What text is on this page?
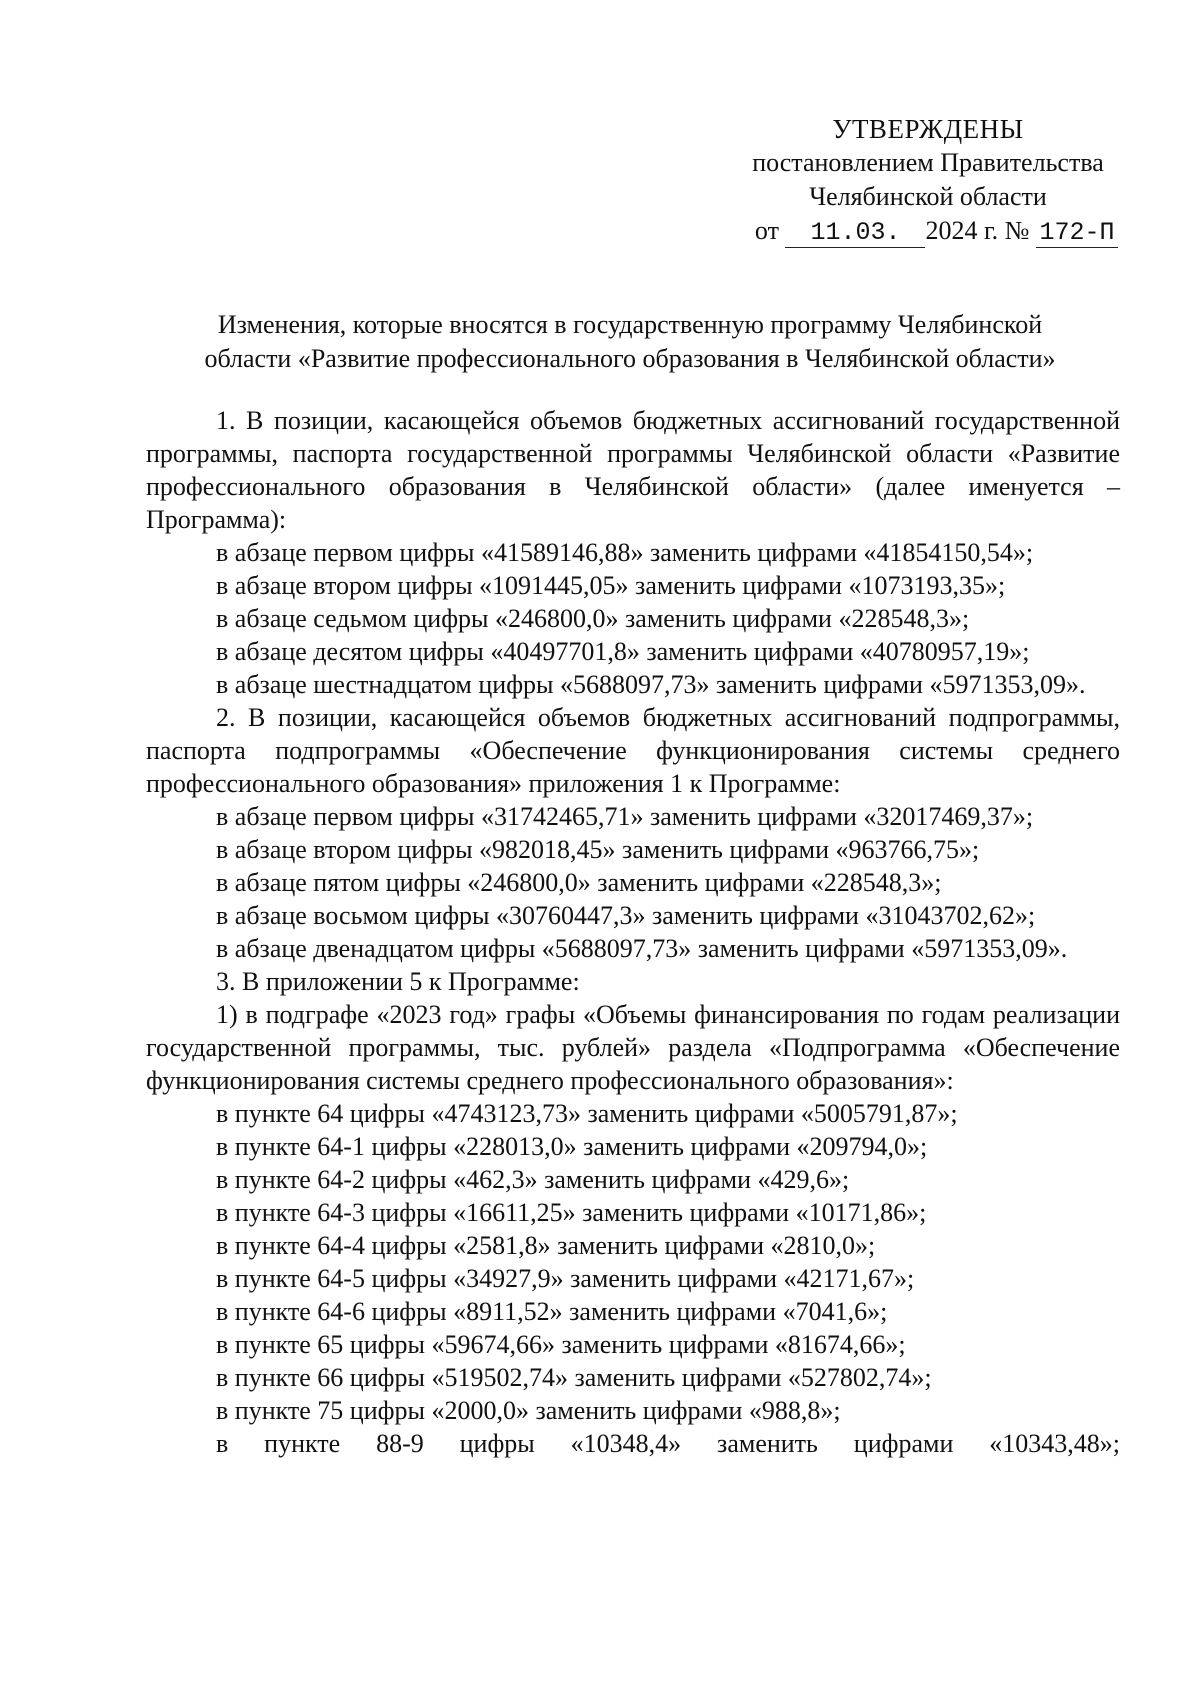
УТВЕРЖДЕНЫ
постановлением Правительства
Челябинской области
от 11.03. 2024 г. № 172-П
Изменения, которые вносятся в государственную программу Челябинской
области «Развитие профессионального образования в Челябинской области»

1. В позиции, касающейся объемов бюджетных ассигнований государственной программы, паспорта государственной программы Челябинской области «Развитие профессионального образования в Челябинской области» (далее именуется – Программа):

в абзаце первом цифры «41589146,88» заменить цифрами «41854150,54»;

в абзаце втором цифры «1091445,05» заменить цифрами «1073193,35»;

в абзаце седьмом цифры «246800,0» заменить цифрами «228548,3»;

в абзаце десятом цифры «40497701,8» заменить цифрами «40780957,19»;

в абзаце шестнадцатом цифры «5688097,73» заменить цифрами «5971353,09».

2. В позиции, касающейся объемов бюджетных ассигнований подпрограммы, паспорта подпрограммы «Обеспечение функционирования системы среднего профессионального образования» приложения 1 к Программе:

в абзаце первом цифры «31742465,71» заменить цифрами «32017469,37»;

в абзаце втором цифры «982018,45» заменить цифрами «963766,75»;

в абзаце пятом цифры «246800,0» заменить цифрами «228548,3»;

в абзаце восьмом цифры «30760447,3» заменить цифрами «31043702,62»;

в абзаце двенадцатом цифры «5688097,73» заменить цифрами «5971353,09».

3. В приложении 5 к Программе:

1) в подграфе «2023 год» графы «Объемы финансирования по годам реализации государственной программы, тыс. рублей» раздела «Подпрограмма «Обеспечение функционирования системы среднего профессионального образования»:

в пункте 64 цифры «4743123,73» заменить цифрами «5005791,87»;

в пункте 64-1 цифры «228013,0» заменить цифрами «209794,0»;

в пункте 64-2 цифры «462,3» заменить цифрами «429,6»;

в пункте 64-3 цифры «16611,25» заменить цифрами «10171,86»;

в пункте 64-4 цифры «2581,8» заменить цифрами «2810,0»;

в пункте 64-5 цифры «34927,9» заменить цифрами «42171,67»;

в пункте 64-6 цифры «8911,52» заменить цифрами «7041,6»;

в пункте 65 цифры «59674,66» заменить цифрами «81674,66»;

в пункте 66 цифры «519502,74» заменить цифрами «527802,74»;

в пункте 75 цифры «2000,0» заменить цифрами «988,8»;

в пункте 88-9 цифры «10348,4» заменить цифрами «10343,48»;
